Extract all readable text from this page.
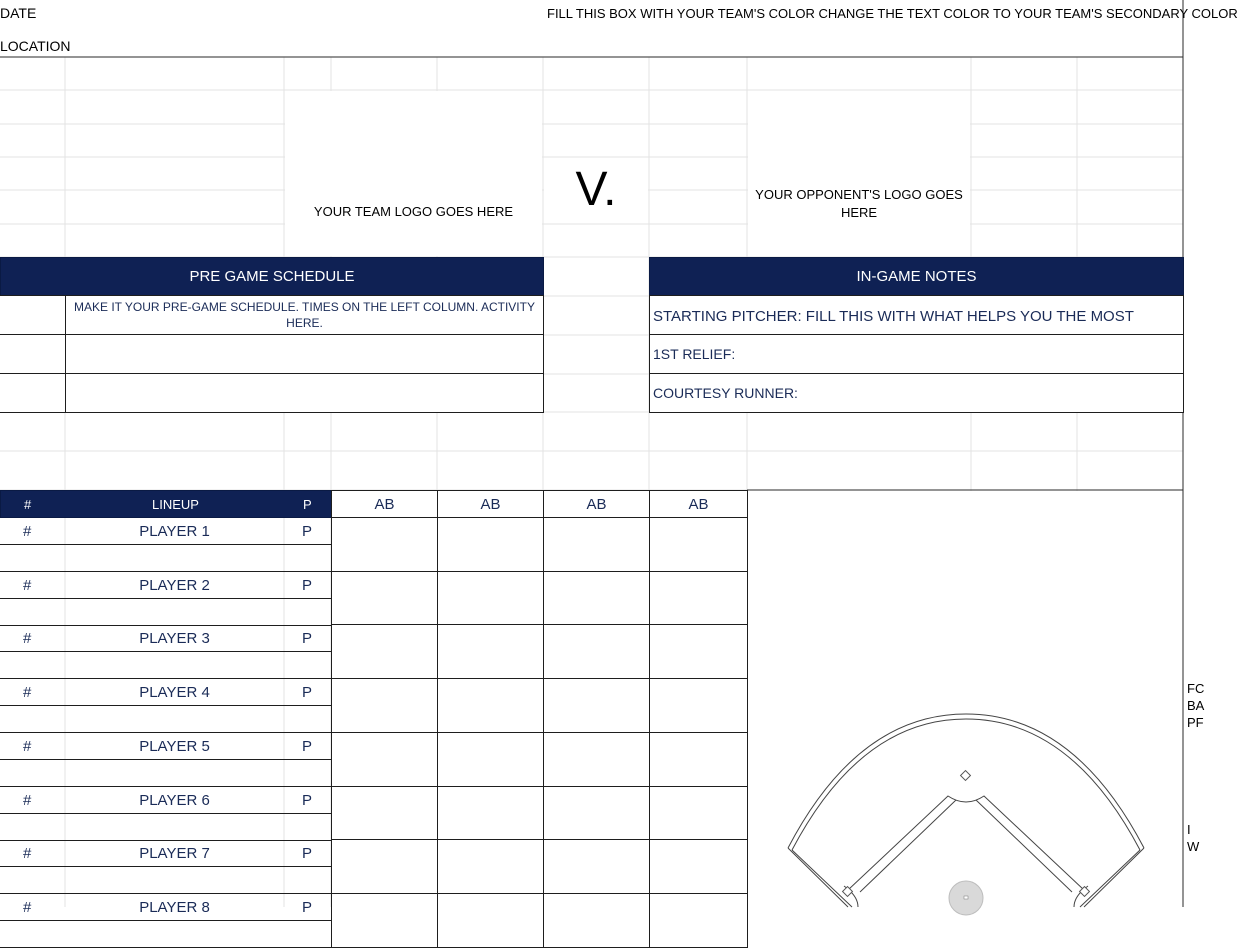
DATE
LOCATION
FILL THIS BOX WITH YOUR TEAM'S COLOR CHANGE THE TEXT COLOR TO YOUR TEAM'S SECONDARY COLOR
YOUR TEAM LOGO GOES HERE	V.	YOUR OPPONENT'S LOGO GOES
HERE
PRE GAME SCHEDULE
MAKE IT YOUR PRE-GAME SCHEDULE. TIMES ON THE LEFT COLUMN. ACTIVITY
HERE.
IN-GAME NOTES
STARTING PITCHER: FILL THIS WITH WHAT HELPS YOU THE MOST
1ST RELIEF:
COURTESY RUNNER:
#	LINEUP	P	AB	AB	AB	AB
#	PLAYER 1	P
#	PLAYER 2	P
#	PLAYER 3	P
#	PLAYER 4	P
#	PLAYER 5	P
#	PLAYER 6	P
#	PLAYER 7	P
#	PLAYER 8	P
FC
BA
PF
I W
